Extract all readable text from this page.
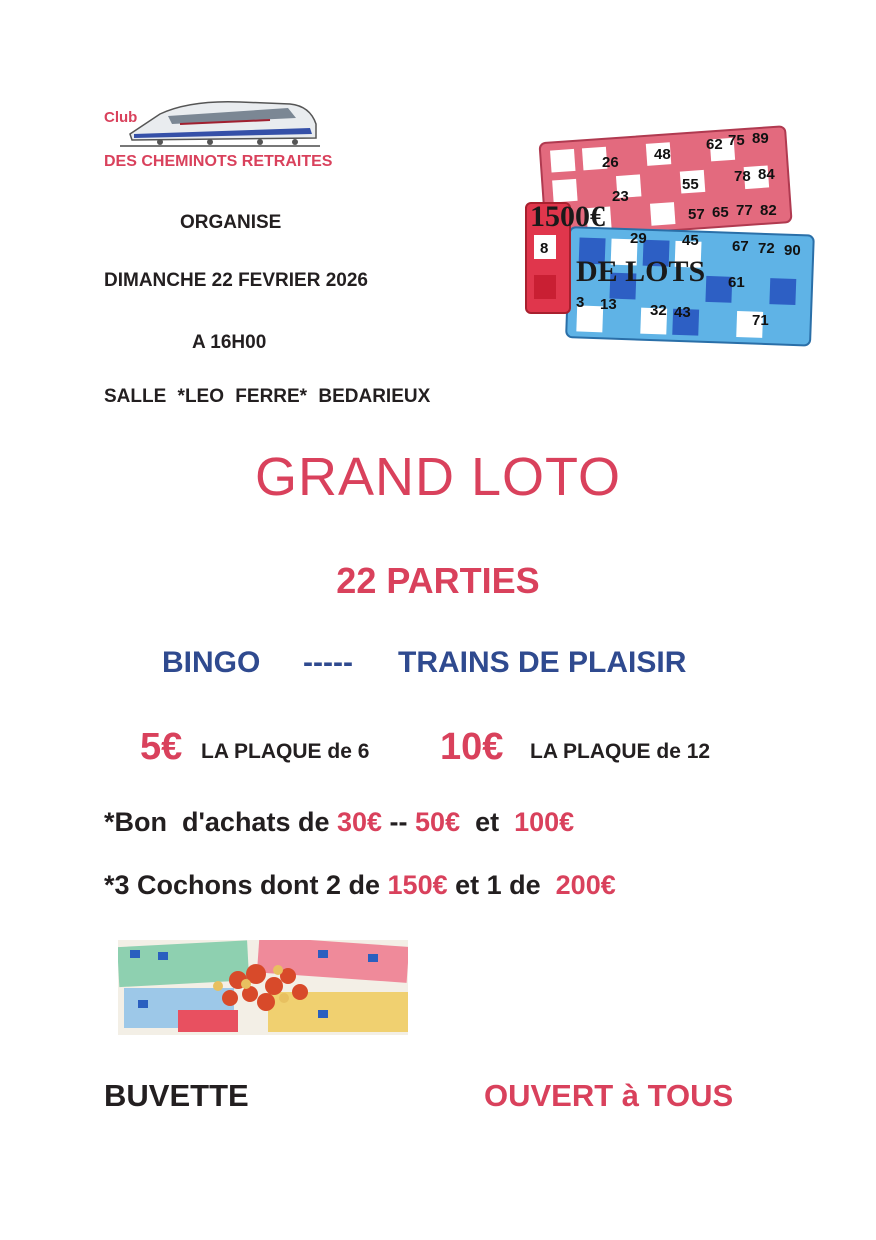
Club
DES CHEMINOTS RETRAITES
ORGANISE
DIMANCHE 22 FEVRIER 2026
A 16H00
SALLE *LEO FERRE* BEDARIEUX
26 48
62 75 89
55 78 84
23
57 65 77 82
8
29 45 67 72 90
61
3 13 32 43	71
1500€
DE LOTS
GRAND LOTO
22 PARTIES
BINGO ----- TRAINS DE PLAISIR
5€ LA PLAQUE de 6 10€ LA PLAQUE de 12
*Bon  d'achats de 30€ -- 50€  et  100€
*3 Cochons dont 2 de 150€ et 1 de  200€
BUVETTE	OUVERT à TOUS
